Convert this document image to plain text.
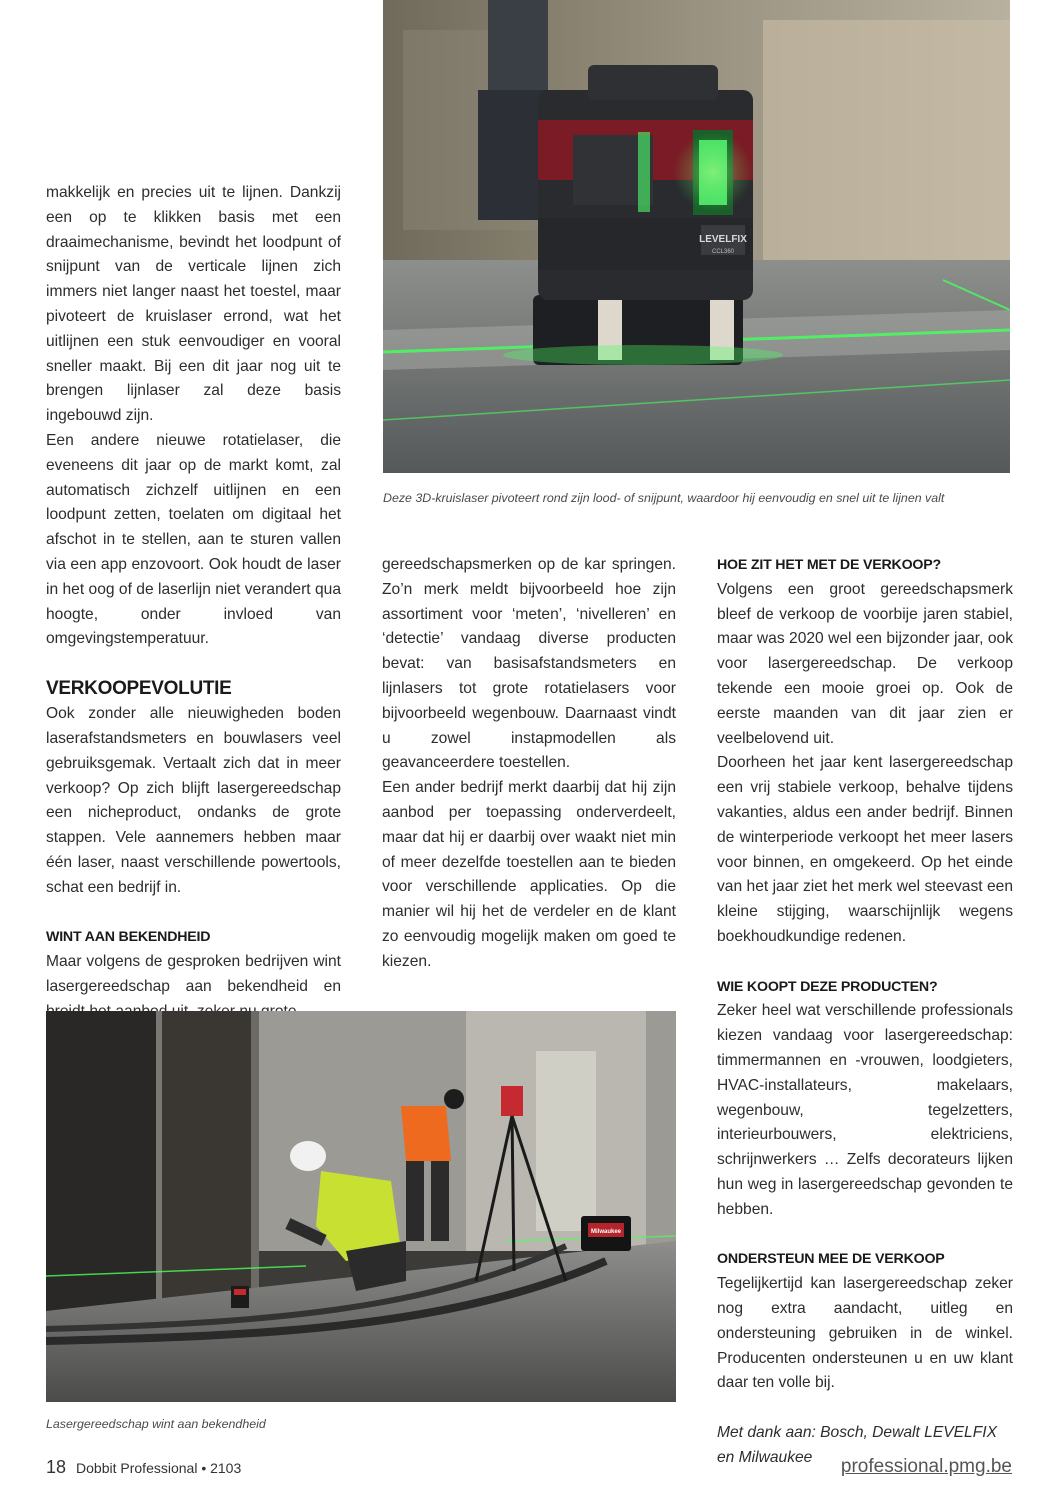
LEVELFIX
CCL360
Deze 3D-kruislaser pivoteert rond zijn lood- of snijpunt, waardoor hij eenvoudig en snel uit te lijnen valt

makkelijk en precies uit te lijnen. Dankzij een op te klikken basis met een draaimechanisme, bevindt het loodpunt of snijpunt van de verticale lijnen zich immers niet langer naast het toestel, maar pivoteert de kruislaser errond, wat het uitlijnen een stuk eenvoudiger en vooral sneller maakt. Bij een dit jaar nog uit te brengen lijnlaser zal deze basis ingebouwd zijn.

Een andere nieuwe rotatielaser, die eveneens dit jaar op de markt komt, zal automatisch zichzelf uitlijnen en een loodpunt zetten, toelaten om digitaal het afschot in te stellen, aan te sturen vallen via een app enzovoort. Ook houdt de laser in het oog of de laserlijn niet verandert qua hoogte, onder invloed van omgevingstemperatuur.

VERKOOPEVOLUTIE

Ook zonder alle nieuwigheden boden laserafstandsmeters en bouwlasers veel gebruiksgemak. Vertaalt zich dat in meer verkoop? Op zich blijft lasergereedschap een nicheproduct, ondanks de grote stappen. Vele aannemers hebben maar één laser, naast verschillende powertools, schat een bedrijf in.

WINT AAN BEKENDHEID

Maar volgens de gesproken bedrijven wint lasergereedschap aan bekendheid en

gereedschapsmerken op de kar springen. Zo’n merk meldt bijvoorbeeld hoe zijn assortiment voor ‘meten’, ‘nivelleren’ en ‘detectie’ vandaag diverse producten bevat: van basisafstandsmeters en lijnlasers tot grote rotatielasers voor bijvoorbeeld wegenbouw. Daarnaast vindt u zowel instapmodellen als geavanceerdere toestellen.

Een ander bedrijf merkt daarbij dat hij zijn aanbod per toepassing onderverdeelt, maar dat hij er daarbij over waakt niet min of meer dezelfde toestellen aan te bieden voor verschillende applicaties. Op die manier wil hij het de verdeler en de klant zo eenvoudig mogelijk maken om goed te kiezen.

HOE ZIT HET MET DE VERKOOP?

Volgens een groot gereedschapsmerk bleef de verkoop de voorbije jaren stabiel, maar was 2020 wel een bijzonder jaar, ook voor lasergereedschap. De verkoop tekende een mooie groei op. Ook de eerste maanden van dit jaar zien er veelbelovend uit.

Doorheen het jaar kent lasergereedschap een vrij stabiele verkoop, behalve tijdens vakanties, aldus een ander bedrijf. Binnen de winterperiode verkoopt het meer lasers voor binnen, en omgekeerd. Op het einde van het jaar ziet het merk wel steevast een kleine stijging, waarschijnlijk wegens boekhoudkundige redenen.

WIE KOOPT DEZE PRODUCTEN?

Zeker heel wat verschillende professionals kiezen vandaag voor lasergereedschap: timmermannen en -vrouwen, loodgieters, HVAC-installateurs, makelaars, wegenbouw, tegelzetters, interieurbouwers, elektriciens, schrijnwerkers … Zelfs decorateurs lijken hun weg in lasergereedschap gevonden te hebben.

ONDERSTEUN MEE DE VERKOOP

Tegelijkertijd kan lasergereedschap zeker nog extra aandacht, uitleg en ondersteuning gebruiken in de winkel. Producenten ondersteunen u en uw klant daar ten volle bij.

Met dank aan: Bosch, Dewalt LEVELFIX en Milwaukee

Milwaukee
Lasergereedschap wint aan bekendheid
18 Dobbit Professional • 2103	professional.pmg.be
